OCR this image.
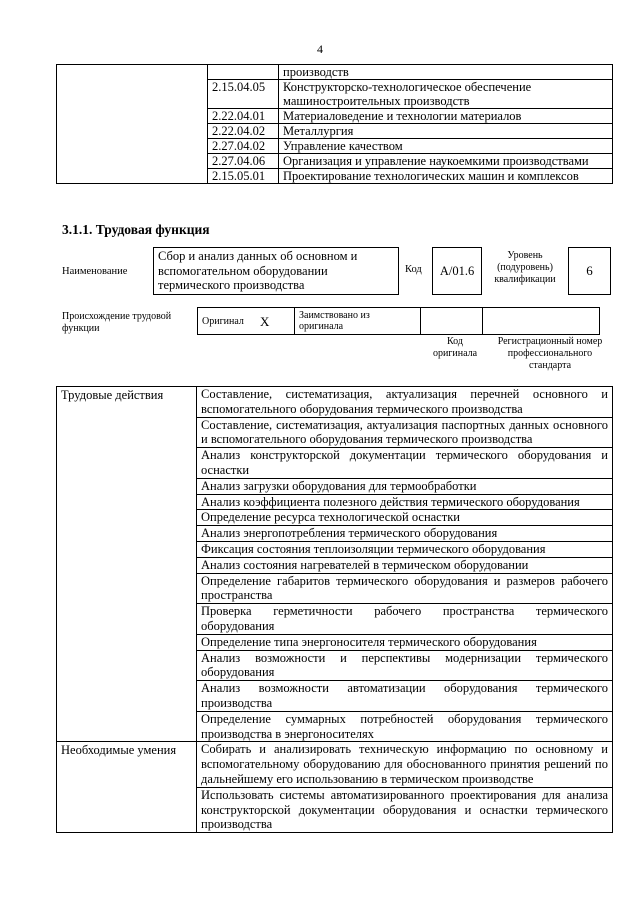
4
		производств
	2.15.04.05	Конструкторско-технологическое обеспечение машиностроительных производств
	2.22.04.01	Материаловедение и технологии материалов
	2.22.04.02	Металлургия
	2.27.04.02	Управление качеством
	2.27.04.06	Организация и управление наукоемкими производствами
	2.15.05.01	Проектирование технологических машин и комплексов
3.1.1. Трудовая функция
Наименование
Сбор и анализ данных об основном и вспомогательном оборудовании термического производства
Код	A/01.6
Уровень (подуровень) квалификации
6
Происхождение трудовой функции
Оригинал	X	Заимствовано из оригинала		
Код оригинала
Регистрационный номер профессионального стандарта
Трудовые действия	Составление, систематизация, актуализация перечней основного и вспомогательного оборудования термического производства
	Составление, систематизация, актуализация паспортных данных основного и вспомогательного оборудования термического производства
	Анализ конструкторской документации термического оборудования и оснастки
	Анализ загрузки оборудования для термообработки
	Анализ коэффициента полезного действия термического оборудования
	Определение ресурса технологической оснастки
	Анализ энергопотребления термического оборудования
	Фиксация состояния теплоизоляции термического оборудования
	Анализ состояния нагревателей в термическом оборудовании
	Определение габаритов термического оборудования и размеров рабочего пространства
	Проверка герметичности рабочего пространства термического оборудования
	Определение типа энергоносителя термического оборудования
	Анализ возможности и перспективы модернизации термического оборудования
	Анализ возможности автоматизации оборудования термического производства
	Определение суммарных потребностей оборудования термического производства в энергоносителях
Необходимые умения	Собирать и анализировать техническую информацию по основному и вспомогательному оборудованию для обоснованного принятия решений по дальнейшему его использованию в термическом производстве
	Использовать системы автоматизированного проектирования для анализа конструкторской документации оборудования и оснастки термического производства
